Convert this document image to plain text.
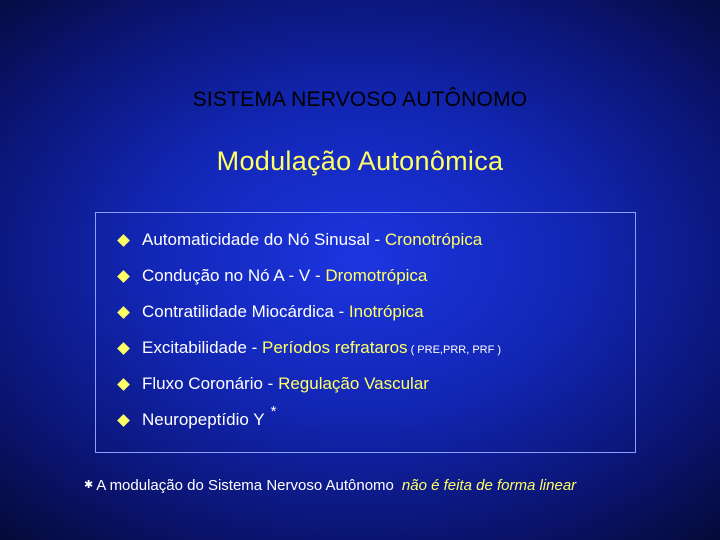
SISTEMA NERVOSO AUTÔNOMO
Modulação Autonômica
Automaticidade do Nó Sinusal - Cronotrópica
Condução no Nó A - V - Dromotrópica
Contratilidade Miocárdica - Inotrópica
Excitabilidade - Períodos refrataros ( PRE,PRR, PRF )
Fluxo Coronário - Regulação Vascular
Neuropeptídio Y *
✱ A modulação do Sistema Nervoso Autônomo não é feita de forma linear
